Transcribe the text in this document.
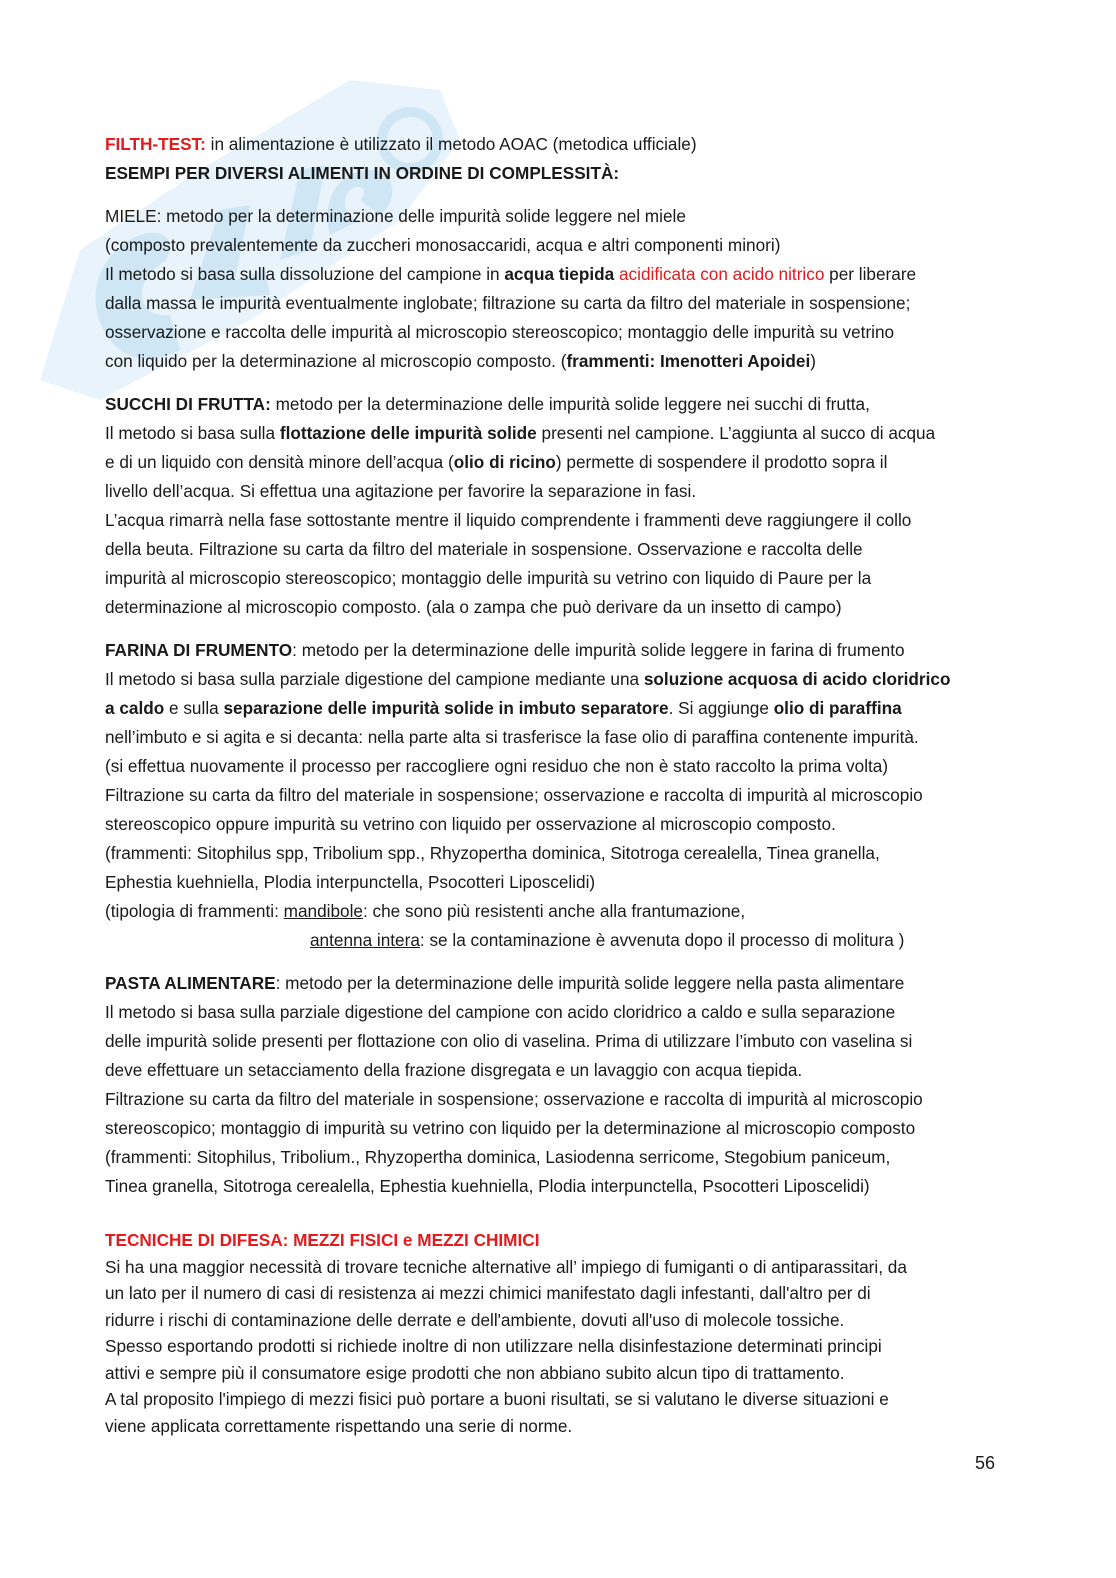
FILTH-TEST: in alimentazione è utilizzato il metodo AOAC (metodica ufficiale)

ESEMPI PER DIVERSI ALIMENTI IN ORDINE DI COMPLESSITÀ:

MIELE: metodo per la determinazione delle impurità solide leggere nel miele

(composto prevalentemente da zuccheri monosaccaridi, acqua e altri componenti minori)

Il metodo si basa sulla dissoluzione del campione in acqua tiepida acidificata con acido nitrico per liberare

dalla massa le impurità eventualmente inglobate; filtrazione su carta da filtro del materiale in sospensione;

osservazione e raccolta delle impurità al microscopio stereoscopico; montaggio delle impurità su vetrino

con liquido per la determinazione al microscopio composto. (frammenti: Imenotteri Apoidei)

SUCCHI DI FRUTTA: metodo per la determinazione delle impurità solide leggere nei succhi di frutta,

Il metodo si basa sulla flottazione delle impurità solide presenti nel campione. L’aggiunta al succo di acqua

e di un liquido con densità minore dell’acqua (olio di ricino) permette di sospendere il prodotto sopra il

livello dell’acqua. Si effettua una agitazione per favorire la separazione in fasi.

L’acqua rimarrà nella fase sottostante mentre il liquido comprendente i frammenti deve raggiungere il collo

della beuta. Filtrazione su carta da filtro del materiale in sospensione. Osservazione e raccolta delle

impurità al microscopio stereoscopico; montaggio delle impurità su vetrino con liquido di Paure per la

determinazione al microscopio composto. (ala o zampa che può derivare da un insetto di campo)

FARINA DI FRUMENTO: metodo per la determinazione delle impurità solide leggere in farina di frumento

Il metodo si basa sulla parziale digestione del campione mediante una soluzione acquosa di acido cloridrico

a caldo e sulla separazione delle impurità solide in imbuto separatore. Si aggiunge olio di paraffina

nell’imbuto e si agita e si decanta: nella parte alta si trasferisce la fase olio di paraffina contenente impurità.

(si effettua nuovamente il processo per raccogliere ogni residuo che non è stato raccolto la prima volta)

Filtrazione su carta da filtro del materiale in sospensione; osservazione e raccolta di impurità al microscopio

stereoscopico oppure impurità su vetrino con liquido per osservazione al microscopio composto.

(frammenti: Sitophilus spp, Tribolium spp., Rhyzopertha dominica, Sitotroga cerealella, Tinea granella,

Ephestia kuehniella, Plodia interpunctella, Psocotteri Liposcelidi)

(tipologia di frammenti: mandibole: che sono più resistenti anche alla frantumazione,

antenna intera: se la contaminazione è avvenuta dopo il processo di molitura )

PASTA ALIMENTARE: metodo per la determinazione delle impurità solide leggere nella pasta alimentare

Il metodo si basa sulla parziale digestione del campione con acido cloridrico a caldo e sulla separazione

delle impurità solide presenti per flottazione con olio di vaselina. Prima di utilizzare l’imbuto con vaselina si

deve effettuare un setacciamento della frazione disgregata e un lavaggio con acqua tiepida.

Filtrazione su carta da filtro del materiale in sospensione; osservazione e raccolta di impurità al microscopio

stereoscopico; montaggio di impurità su vetrino con liquido per la determinazione al microscopio composto

(frammenti: Sitophilus, Tribolium., Rhyzopertha dominica, Lasiodenna serricome, Stegobium paniceum,

Tinea granella, Sitotroga cerealella, Ephestia kuehniella, Plodia interpunctella, Psocotteri Liposcelidi)

TECNICHE DI DIFESA: MEZZI FISICI e MEZZI CHIMICI

Si ha una maggior necessità di trovare tecniche alternative all’ impiego di fumiganti o di antiparassitari, da

un lato per il numero di casi di resistenza ai mezzi chimici manifestato dagli infestanti, dall'altro per di

ridurre i rischi di contaminazione delle derrate e dell'ambiente, dovuti all'uso di molecole tossiche.

Spesso esportando prodotti si richiede inoltre di non utilizzare nella disinfestazione determinati principi

attivi e sempre più il consumatore esige prodotti che non abbiano subito alcun tipo di trattamento.

A tal proposito l'impiego di mezzi fisici può portare a buoni risultati, se si valutano le diverse situazioni e

viene applicata correttamente rispettando una serie di norme.

56
